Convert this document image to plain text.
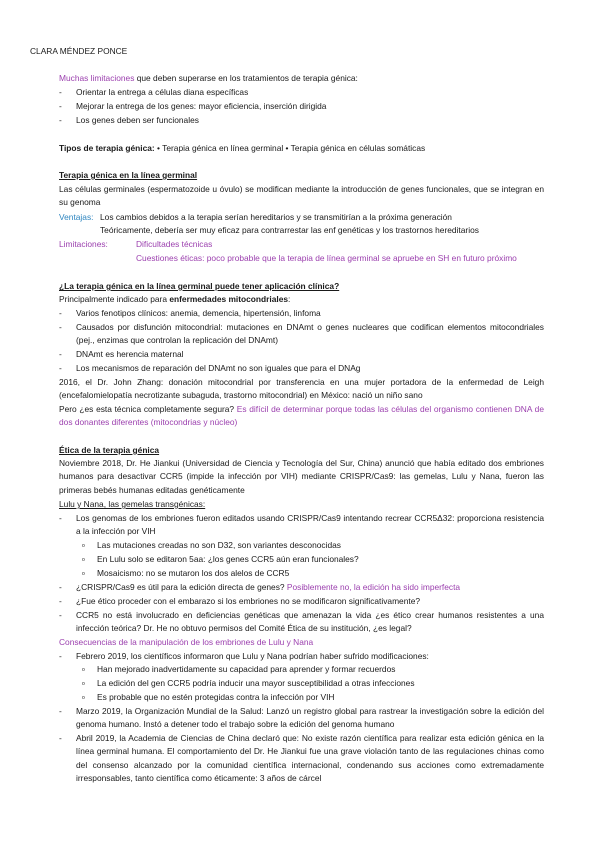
CLARA MÉNDEZ PONCE
Muchas limitaciones que deben superarse en los tratamientos de terapia génica:
- Orientar la entrega a células diana específicas
- Mejorar la entrega de los genes: mayor eficiencia, inserción dirigida
- Los genes deben ser funcionales
Tipos de terapia génica: • Terapia génica en línea germinal • Terapia génica en células somáticas
Terapia génica en la línea germinal
Las células germinales (espermatozoide u óvulo) se modifican mediante la introducción de genes funcionales, que se integran en su genoma
Ventajas: Los cambios debidos a la terapia serían hereditarios y se transmitirían a la próxima generación
Teóricamente, debería ser muy eficaz para contrarrestar las enf genéticas y los trastornos hereditarios
Limitaciones:	Dificultades técnicas
Cuestiones éticas: poco probable que la terapia de línea germinal se apruebe en SH en futuro próximo
¿La terapia génica en la línea germinal puede tener aplicación clínica?
Principalmente indicado para enfermedades mitocondriales:
- Varios fenotipos clínicos: anemia, demencia, hipertensión, linfoma
- Causados por disfunción mitocondrial: mutaciones en DNAmt o genes nucleares que codifican elementos mitocondriales (pej., enzimas que controlan la replicación del DNAmt)
- DNAmt es herencia maternal
- Los mecanismos de reparación del DNAmt no son iguales que para el DNAg
2016, el Dr. John Zhang: donación mitocondrial por transferencia en una mujer portadora de la enfermedad de Leigh (encefalomielopatía necrotizante subaguda, trastorno mitocondrial) en México: nació un niño sano
Pero ¿es esta técnica completamente segura? Es difícil de determinar porque todas las células del organismo contienen DNA de dos donantes diferentes (mitocondrias y núcleo)
Ética de la terapia génica
Noviembre 2018, Dr. He Jiankui (Universidad de Ciencia y Tecnología del Sur, China) anunció que había editado dos embriones humanos para desactivar CCR5 (impide la infección por VIH) mediante CRISPR/Cas9: las gemelas, Lulu y Nana, fueron las primeras bebés humanas editadas genéticamente
Lulu y Nana, las gemelas transgénicas:
- Los genomas de los embriones fueron editados usando CRISPR/Cas9 intentando recrear CCR5Δ32: proporciona resistencia a la infección por VIH
o Las mutaciones creadas no son D32, son variantes desconocidas
o En Lulu solo se editaron 5aa: ¿los genes CCR5 aún eran funcionales?
o Mosaicismo: no se mutaron los dos alelos de CCR5
- ¿CRISPR/Cas9 es útil para la edición directa de genes? Posiblemente no, la edición ha sido imperfecta
- ¿Fue ético proceder con el embarazo si los embriones no se modificaron significativamente?
- CCR5 no está involucrado en deficiencias genéticas que amenazan la vida ¿es ético crear humanos resistentes a una infección teórica? Dr. He no obtuvo permisos del Comité Ética de su institución, ¿es legal?
Consecuencias de la manipulación de los embriones de Lulu y Nana
- Febrero 2019, los científicos informaron que Lulu y Nana podrían haber sufrido modificaciones:
o Han mejorado inadvertidamente su capacidad para aprender y formar recuerdos
o La edición del gen CCR5 podría inducir una mayor susceptibilidad a otras infecciones
o Es probable que no estén protegidas contra la infección por VIH
- Marzo 2019, la Organización Mundial de la Salud: Lanzó un registro global para rastrear la investigación sobre la edición del genoma humano. Instó a detener todo el trabajo sobre la edición del genoma humano
- Abril 2019, la Academia de Ciencias de China declaró que: No existe razón científica para realizar esta edición génica en la línea germinal humana. El comportamiento del Dr. He Jiankui fue una grave violación tanto de las regulaciones chinas como del consenso alcanzado por la comunidad científica internacional, condenando sus acciones como extremadamente irresponsables, tanto científica como éticamente: 3 años de cárcel
